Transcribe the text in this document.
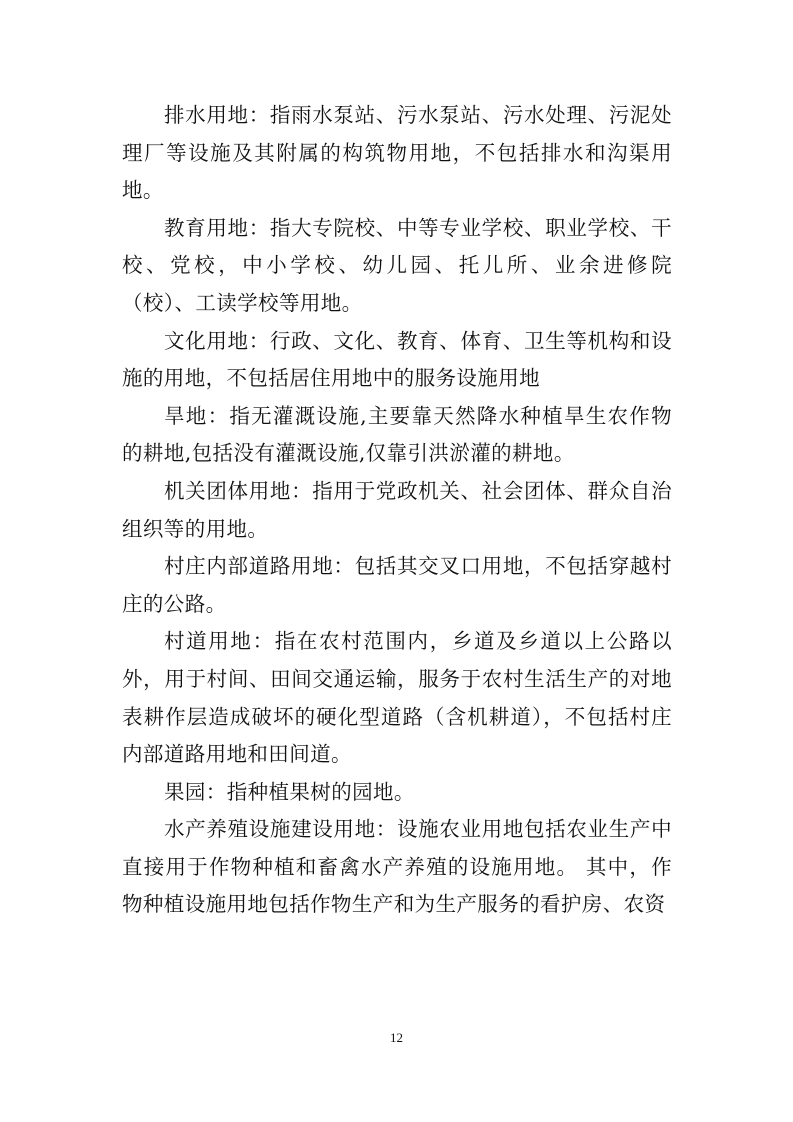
排水用地：指雨水泵站、污水泵站、污水处理、污泥处理厂等设施及其附属的构筑物用地，不包括排水和沟渠用地。

教育用地：指大专院校、中等专业学校、职业学校、干校、党校，中小学校、幼儿园、托儿所、业余进修院（校）、工读学校等用地。

文化用地：行政、文化、教育、体育、卫生等机构和设施的用地，不包括居住用地中的服务设施用地

旱地：指无灌溉设施,主要靠天然降水种植旱生农作物的耕地,包括没有灌溉设施,仅靠引洪淤灌的耕地。

机关团体用地：指用于党政机关、社会团体、群众自治组织等的用地。

村庄内部道路用地：包括其交叉口用地，不包括穿越村庄的公路。

村道用地：指在农村范围内，乡道及乡道以上公路以外，用于村间、田间交通运输，服务于农村生活生产的对地表耕作层造成破坏的硬化型道路（含机耕道），不包括村庄内部道路用地和田间道。

果园：指种植果树的园地。

水产养殖设施建设用地：设施农业用地包括农业生产中直接用于作物种植和畜禽水产养殖的设施用地。 其中，作物种植设施用地包括作物生产和为生产服务的看护房、农资

12
